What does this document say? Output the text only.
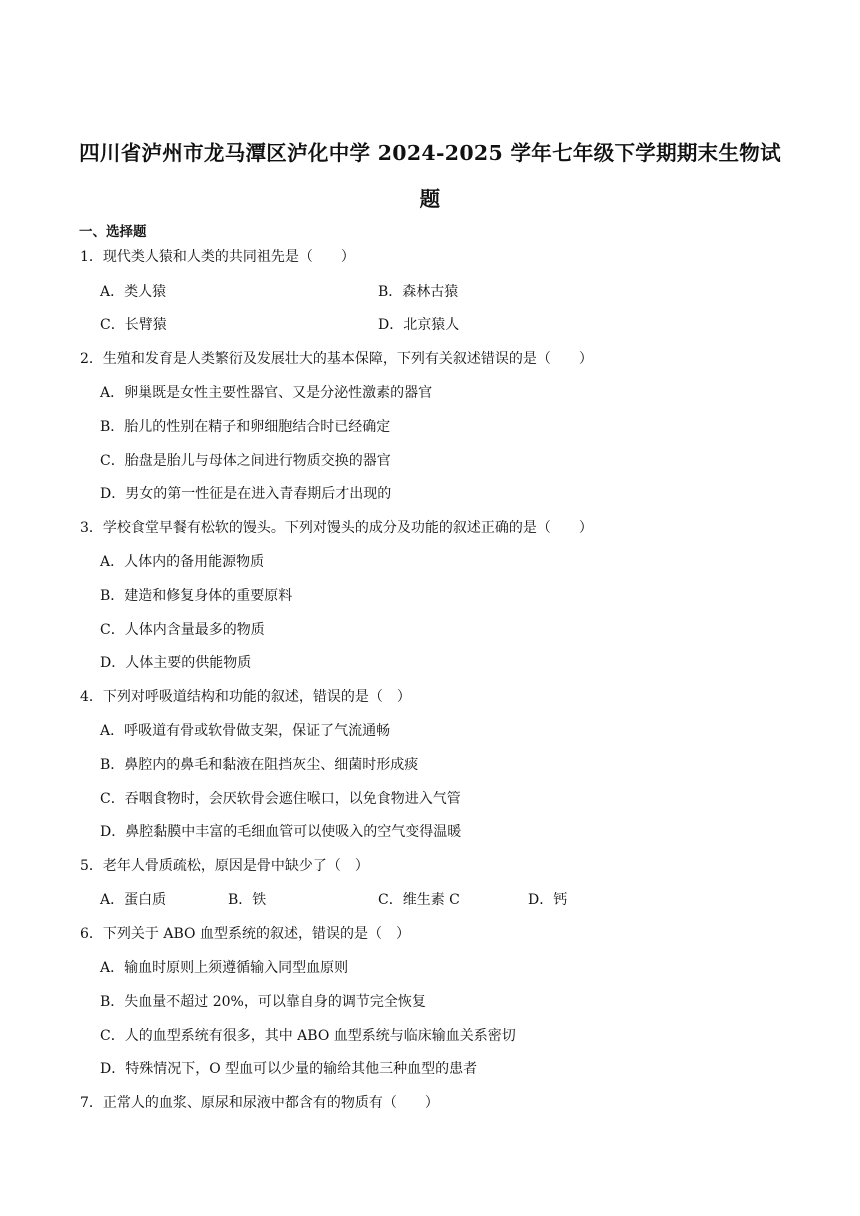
四川省泸州市龙马潭区泸化中学 2024-2025 学年七年级下学期期末生物试
题
一、选择题
1．现代类人猿和人类的共同祖先是（　　）
A．类人猿	B．森林古猿
C．长臂猿	D．北京猿人
2．生殖和发育是人类繁衍及发展壮大的基本保障，下列有关叙述错误的是（　　）
A．卵巢既是女性主要性器官、又是分泌性激素的器官
B．胎儿的性别在精子和卵细胞结合时已经确定
C．胎盘是胎儿与母体之间进行物质交换的器官
D．男女的第一性征是在进入青春期后才出现的
3．学校食堂早餐有松软的馒头。下列对馒头的成分及功能的叙述正确的是（　　）
A．人体内的备用能源物质
B．建造和修复身体的重要原料
C．人体内含量最多的物质
D．人体主要的供能物质
4．下列对呼吸道结构和功能的叙述，错误的是（　）
A．呼吸道有骨或软骨做支架，保证了气流通畅
B．鼻腔内的鼻毛和黏液在阻挡灰尘、细菌时形成痰
C．吞咽食物时，会厌软骨会遮住喉口，以免食物进入气管
D．鼻腔黏膜中丰富的毛细血管可以使吸入的空气变得温暖
5．老年人骨质疏松，原因是骨中缺少了（　）
A．蛋白质	B．铁	C．维生素 C	D．钙
6．下列关于 ABO 血型系统的叙述，错误的是（　）
A．输血时原则上须遵循输入同型血原则
B．失血量不超过 20%，可以靠自身的调节完全恢复
C．人的血型系统有很多，其中 ABO 血型系统与临床输血关系密切
D．特殊情况下，O 型血可以少量的输给其他三种血型的患者
7．正常人的血浆、原尿和尿液中都含有的物质有（　　）
